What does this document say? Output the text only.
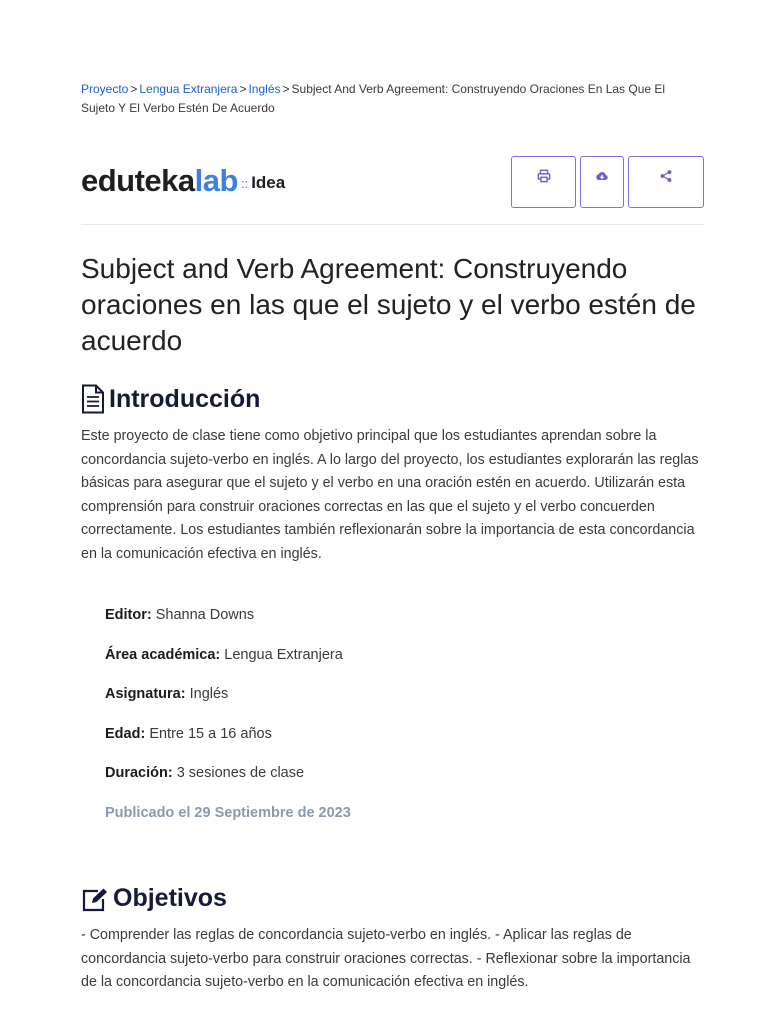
Proyecto > Lengua Extranjera > Inglés > Subject And Verb Agreement: Construyendo Oraciones En Las Que El Sujeto Y El Verbo Estén De Acuerdo
eduteka lab :: Idea
Subject and Verb Agreement: Construyendo oraciones en las que el sujeto y el verbo estén de acuerdo
Introducción

Este proyecto de clase tiene como objetivo principal que los estudiantes aprendan sobre la concordancia sujeto-verbo en inglés. A lo largo del proyecto, los estudiantes explorarán las reglas básicas para asegurar que el sujeto y el verbo en una oración estén en acuerdo. Utilizarán esta comprensión para construir oraciones correctas en las que el sujeto y el verbo concuerden correctamente. Los estudiantes también reflexionarán sobre la importancia de esta concordancia en la comunicación efectiva en inglés.

Editor: Shanna Downs
Área académica: Lengua Extranjera
Asignatura: Inglés
Edad: Entre 15 a 16 años
Duración: 3 sesiones de clase
Publicado el 29 Septiembre de 2023
Objetivos

- Comprender las reglas de concordancia sujeto-verbo en inglés. - Aplicar las reglas de concordancia sujeto-verbo para construir oraciones correctas. - Reflexionar sobre la importancia de la concordancia sujeto-verbo en la comunicación efectiva en inglés.
